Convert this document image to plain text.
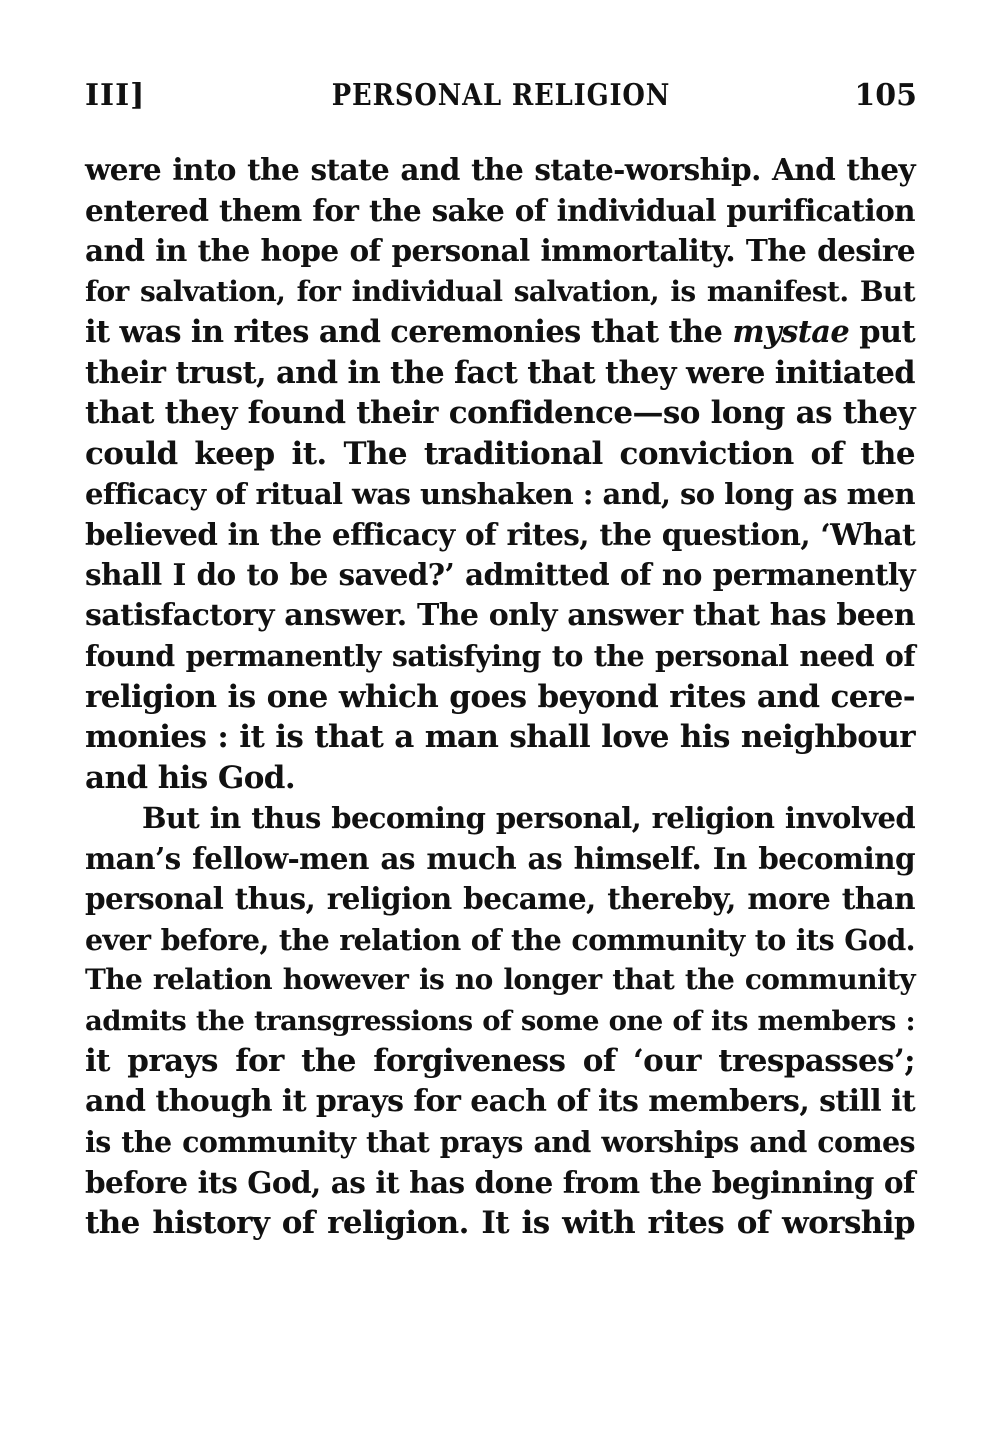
III]	PERSONAL RELIGION	105
were into the state and the state-worship. And they
entered them for the sake of individual purification
and in the hope of personal immortality. The desire
for salvation, for individual salvation, is manifest. But
it was in rites and ceremonies that the mystae put
their trust, and in the fact that they were initiated
that they found their confidence—so long as they
could keep it. The traditional conviction of the
efficacy of ritual was unshaken : and, so long as men
believed in the efficacy of rites, the question, ‘What
shall I do to be saved?’ admitted of no permanently
satisfactory answer. The only answer that has been
found permanently satisfying to the personal need of
religion is one which goes beyond rites and cere-
monies : it is that a man shall love his neighbour
and his God.
But in thus becoming personal, religion involved
man’s fellow-men as much as himself. In becoming
personal thus, religion became, thereby, more than
ever before, the relation of the community to its God.
The relation however is no longer that the community
admits the transgressions of some one of its members :
it prays for the forgiveness of ‘our trespasses’;
and though it prays for each of its members, still it
is the community that prays and worships and comes
before its God, as it has done from the beginning of
the history of religion. It is with rites of worship
